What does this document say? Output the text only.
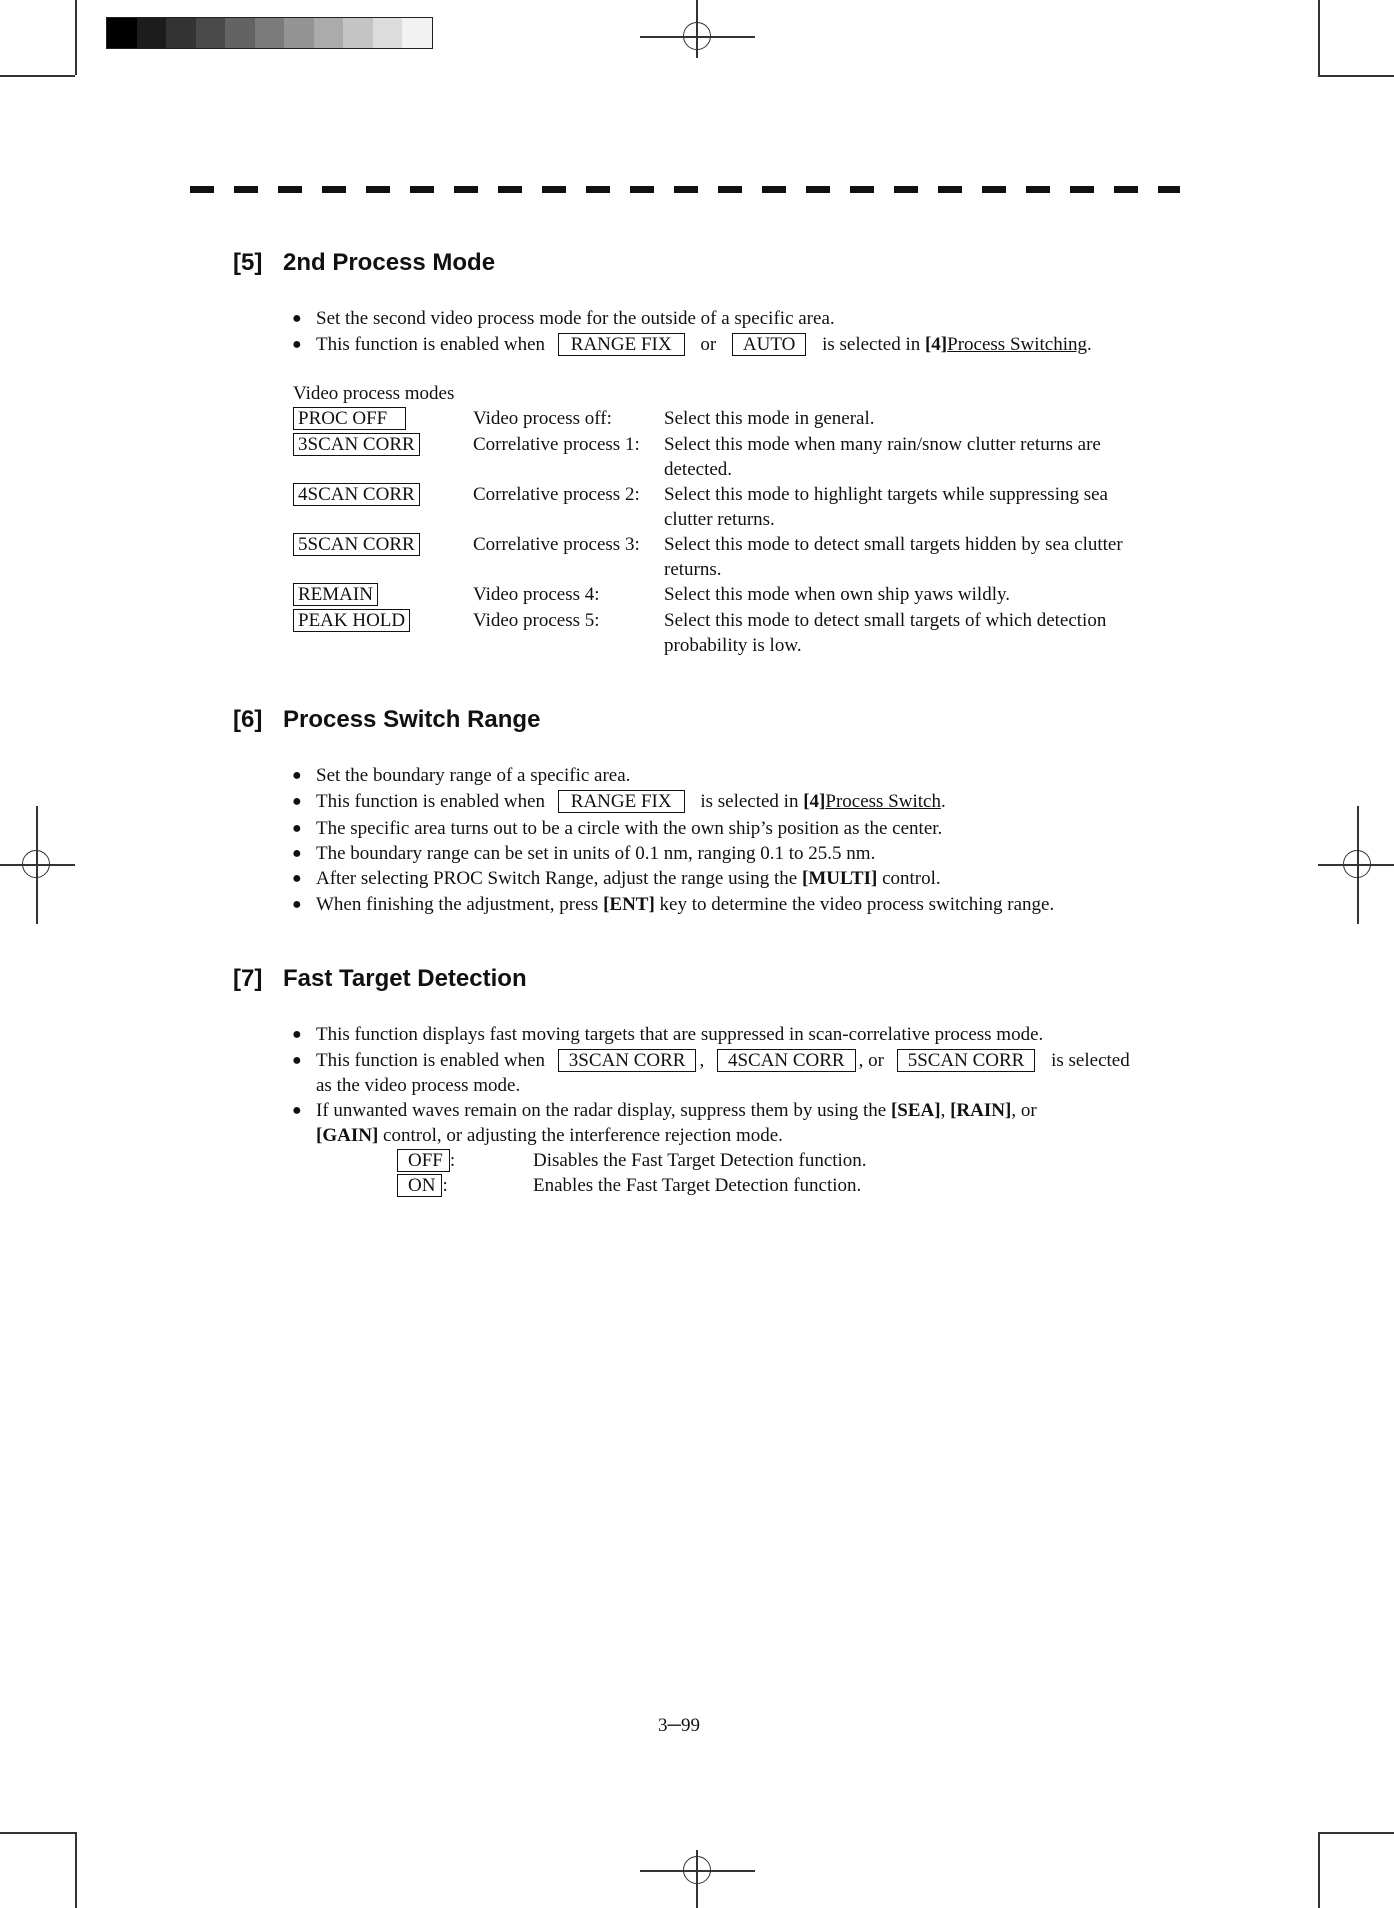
[5] 2nd Process Mode
● Set the second video process mode for the outside of a specific area.
● This function is enabled when RANGE FIX or AUTO is selected in [4]Process Switching.
Video process modes
PROC OFF	Video process off:	Select this mode in general.
3SCAN CORR	Correlative process 1: Select this mode when many rain/snow clutter returns are
detected.
4SCAN CORR	Correlative process 2: Select this mode to highlight targets while suppressing sea
clutter returns.
5SCAN CORR	Correlative process 3: Select this mode to detect small targets hidden by sea clutter
returns.
REMAIN	Video process 4:	Select this mode when own ship yaws wildly.
PEAK HOLD	Video process 5:	Select this mode to detect small targets of which detection
probability is low.
[6] Process Switch Range
● Set the boundary range of a specific area.
● This function is enabled when RANGE FIX is selected in [4]Process Switch.
● The specific area turns out to be a circle with the own ship’s position as the center.
● The boundary range can be set in units of 0.1 nm, ranging 0.1 to 25.5 nm.
● After selecting PROC Switch Range, adjust the range using the [MULTI] control.
● When finishing the adjustment, press [ENT] key to determine the video process switching range.
[7] Fast Target Detection
● This function displays fast moving targets that are suppressed in scan-correlative process mode.
● This function is enabled when 3SCAN CORR , 4SCAN CORR , or 5SCAN CORR is selected
as the video process mode.
● If unwanted waves remain on the radar display, suppress them by using the [SEA], [RAIN], or
[GAIN] control, or adjusting the interference rejection mode.
OFF :	Disables the Fast Target Detection function.
ON :	Enables the Fast Target Detection function.
3─99
